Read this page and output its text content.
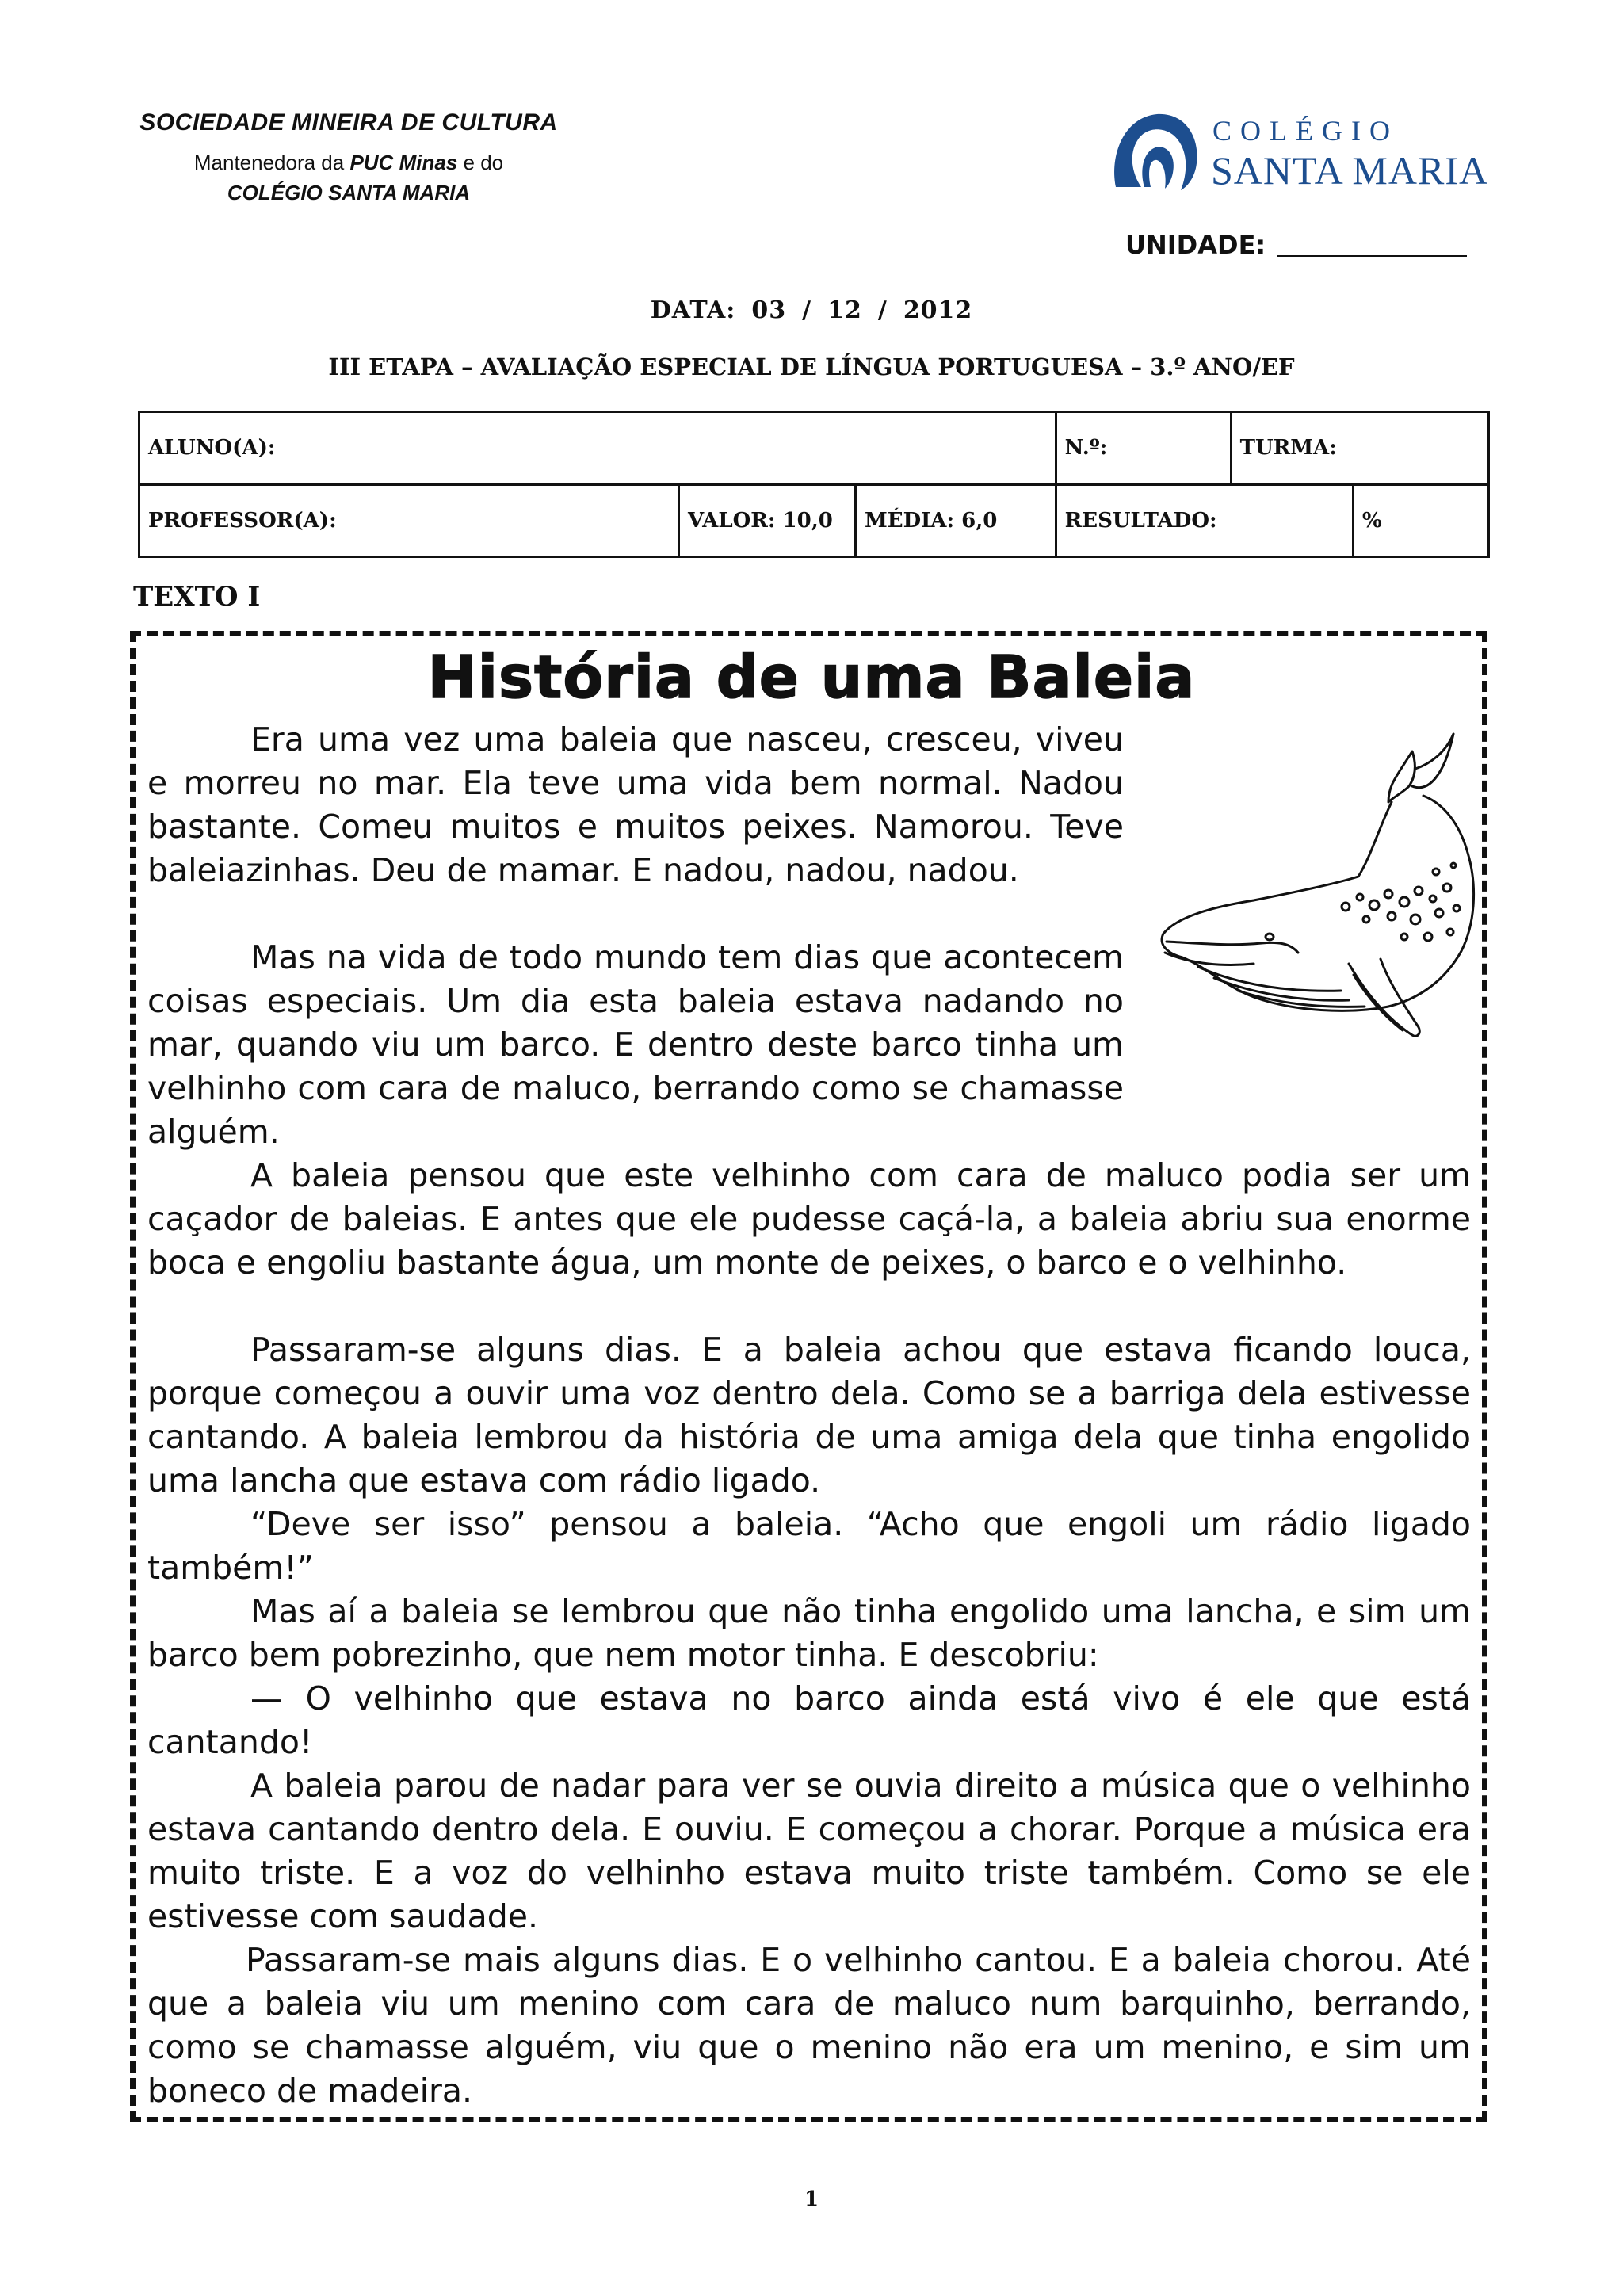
SOCIEDADE MINEIRA DE CULTURA
Mantenedora da PUC Minas e do
COLÉGIO SANTA MARIA
COLÉGIO
SANTA MARIA
UNIDADE:
DATA: 03 / 12 / 2012
III ETAPA – AVALIAÇÃO ESPECIAL DE LÍNGUA PORTUGUESA – 3.º ANO/EF
ALUNO(A):			N.º:	TURMA:	
PROFESSOR(A):	VALOR: 10,0	MÉDIA: 6,0	RESULTADO:		%
TEXTO I
História de uma Baleia

Era uma vez uma baleia que nasceu, cresceu, viveu e morreu no mar. Ela teve uma vida bem normal. Nadou bastante. Comeu muitos e muitos peixes. Namorou. Teve baleiazinhas. Deu de mamar. E nadou, nadou, nadou.

Mas na vida de todo mundo tem dias que acontecem coisas especiais. Um dia esta baleia estava nadando no mar, quando viu um barco. E dentro deste barco tinha um velhinho com cara de maluco, berrando como se chamasse alguém.

A baleia pensou que este velhinho com cara de maluco podia ser um caçador de baleias. E antes que ele pudesse caçá-la, a baleia abriu sua enorme boca e engoliu bastante água, um monte de peixes, o barco e o velhinho.

Passaram-se alguns dias. E a baleia achou que estava ficando louca, porque começou a ouvir uma voz dentro dela. Como se a barriga dela estivesse cantando. A baleia lembrou da história de uma amiga dela que tinha engolido uma lancha que estava com rádio ligado.

“Deve ser isso” pensou a baleia. “Acho que engoli um rádio ligado também!”

Mas aí a baleia se lembrou que não tinha engolido uma lancha, e sim um barco bem pobrezinho, que nem motor tinha. E descobriu:

— O velhinho que estava no barco ainda está vivo é ele que está cantando!

A baleia parou de nadar para ver se ouvia direito a música que o velhinho estava cantando dentro dela. E ouviu. E começou a chorar. Porque a música era muito triste. E a voz do velhinho estava muito triste também. Como se ele estivesse com saudade.

Passaram-se mais alguns dias. E o velhinho cantou. E a baleia chorou. Até que a baleia viu um menino com cara de maluco num barquinho, berrando, como se chamasse alguém, viu que o menino não era um menino, e sim um boneco de madeira.

1
